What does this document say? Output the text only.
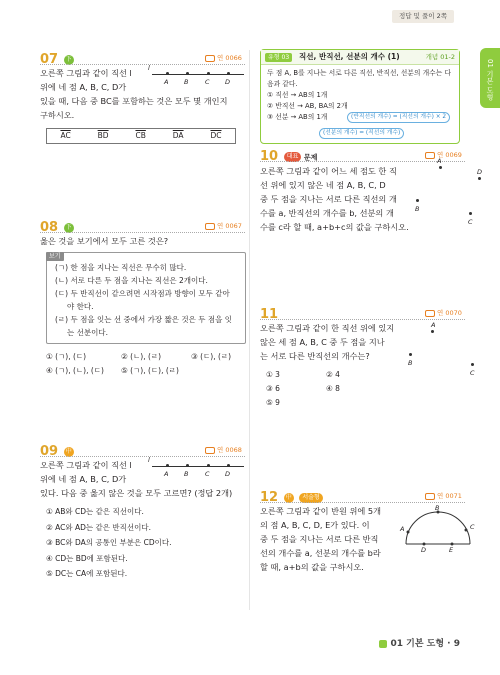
정답 및 풀이 2쪽
01 기본 도형
07 下	연 0066
오른쪽 그림과 같이 직선 l
위에 네 점 A, B, C, D가
있을 때, 다음 중 BC를 포함하는 것은 모두 몇 개인지
구하시오.
l
A B	C D
$\overline{AC}$	$\overline{BD}$	$\overline{CB}$	$\overline{DA}$	$\overline{DC}$
08 下	연 0067
옳은 것을 보기에서 모두 고른 것은?
보기
(ㄱ) 한 점을 지나는 직선은 무수히 많다.
(ㄴ) 서로 다른 두 점을 지나는 직선은 2개이다.
(ㄷ) 두 반직선이 같으려면 시작점과 방향이 모두 같아
야 한다.
(ㄹ) 두 점을 잇는 선 중에서 가장 짧은 것은 두 점을 잇
는 선분이다.
① (ㄱ), (ㄷ)	② (ㄴ), (ㄹ)	③ (ㄷ), (ㄹ)
④ (ㄱ), (ㄴ), (ㄷ)	⑤ (ㄱ), (ㄷ), (ㄹ)
09 中	연 0068
오른쪽 그림과 같이 직선 l
위에 네 점 A, B, C, D가
있다. 다음 중 옳지 않은 것을 모두 고르면? (정답 2개)
l
A B	C D
① AB와 CD는 같은 직선이다.
② AC와 AD는 같은 반직선이다.
③ BC와 DA의 공통인 부분은 CD이다.
④ CD는 BD에 포함된다.
⑤ DC는 CA에 포함된다.
유형 03	직선, 반직선, 선분의 개수 (1)	개념 01-2
두 점 A, B를 지나는 서로 다른 직선, 반직선, 선분의 개수는 다
음과 같다.
① 직선 → AB의 1개
② 반직선 → AB, BA의 2개
③ 선분 → AB의 1개	(반직선의 개수) = (직선의 개수) × 2
(선분의 개수) = (직선의 개수)
10 대표 문제	연 0069
오른쪽 그림과 같이 어느 세 점도 한 직
선 위에 있지 않은 네 점 A, B, C, D
중 두 점을 지나는 서로 다른 직선의 개
수를 a, 반직선의 개수를 b, 선분의 개
수를 c라 할 때, a+b+c의 값을 구하시오.
A
D
B
C
11	연 0070
오른쪽 그림과 같이 한 직선 위에 있지
않은 세 점 A, B, C 중 두 점을 지나
는 서로 다른 반직선의 개수는?
A
B
C
① 3	② 4
③ 6	④ 8
⑤ 9
12 中 서술형	연 0071
오른쪽 그림과 같이 반원 위에 5개
의 점 A, B, C, D, E가 있다. 이
중 두 점을 지나는 서로 다른 반직
선의 개수를 a, 선분의 개수를 b라
할 때, a+b의 값을 구하시오.
A
B
C
D	E
01 기본 도형 · 9
